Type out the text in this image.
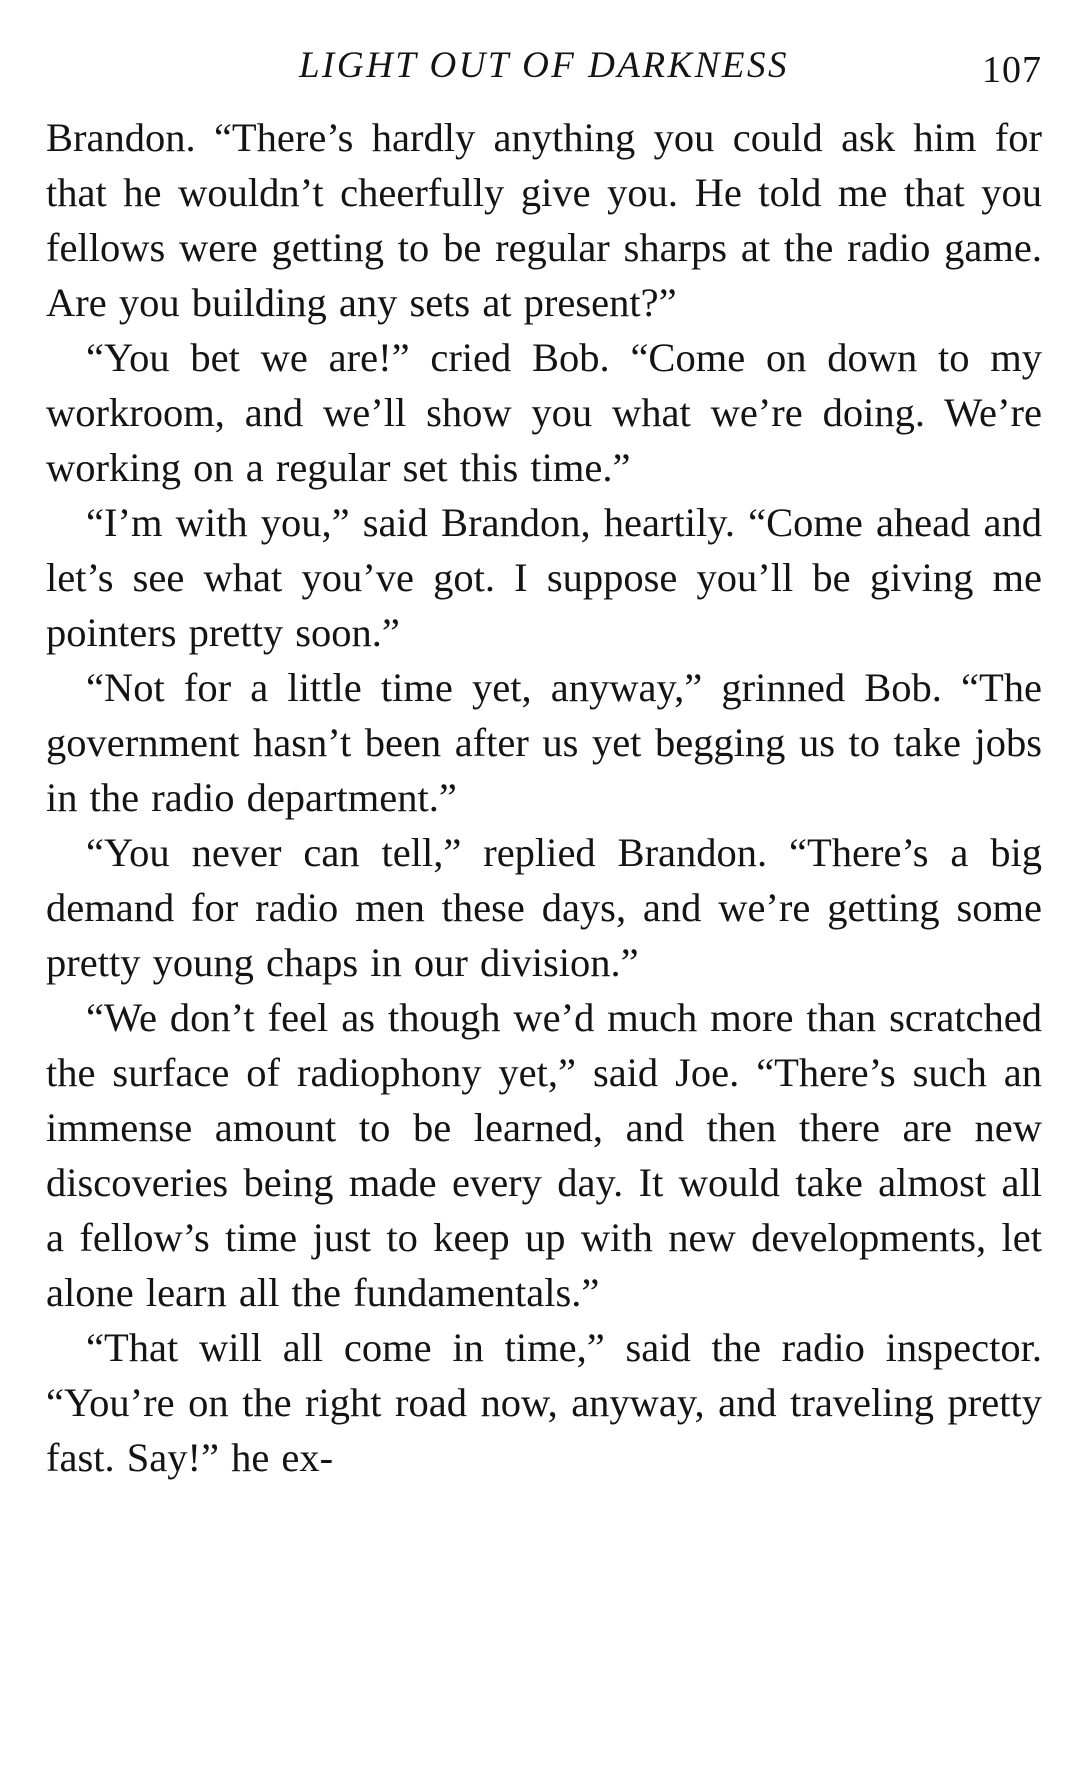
LIGHT OUT OF DARKNESS	107

Brandon. “There’s hardly anything you could ask him for that he wouldn’t cheerfully give you. He told me that you fellows were getting to be regular sharps at the radio game. Are you building any sets at present?”

“You bet we are!” cried Bob. “Come on down to my workroom, and we’ll show you what we’re doing. We’re working on a regular set this time.”

“I’m with you,” said Brandon, heartily. “Come ahead and let’s see what you’ve got. I suppose you’ll be giving me pointers pretty soon.”

“Not for a little time yet, anyway,” grinned Bob. “The government hasn’t been after us yet begging us to take jobs in the radio department.”

“You never can tell,” replied Brandon. “There’s a big demand for radio men these days, and we’re getting some pretty young chaps in our division.”

“We don’t feel as though we’d much more than scratched the surface of radiophony yet,” said Joe. “There’s such an immense amount to be learned, and then there are new discoveries being made every day. It would take almost all a fellow’s time just to keep up with new developments, let alone learn all the fundamentals.”

“That will all come in time,” said the radio inspector. “You’re on the right road now, anyway, and traveling pretty fast. Say!” he ex-
